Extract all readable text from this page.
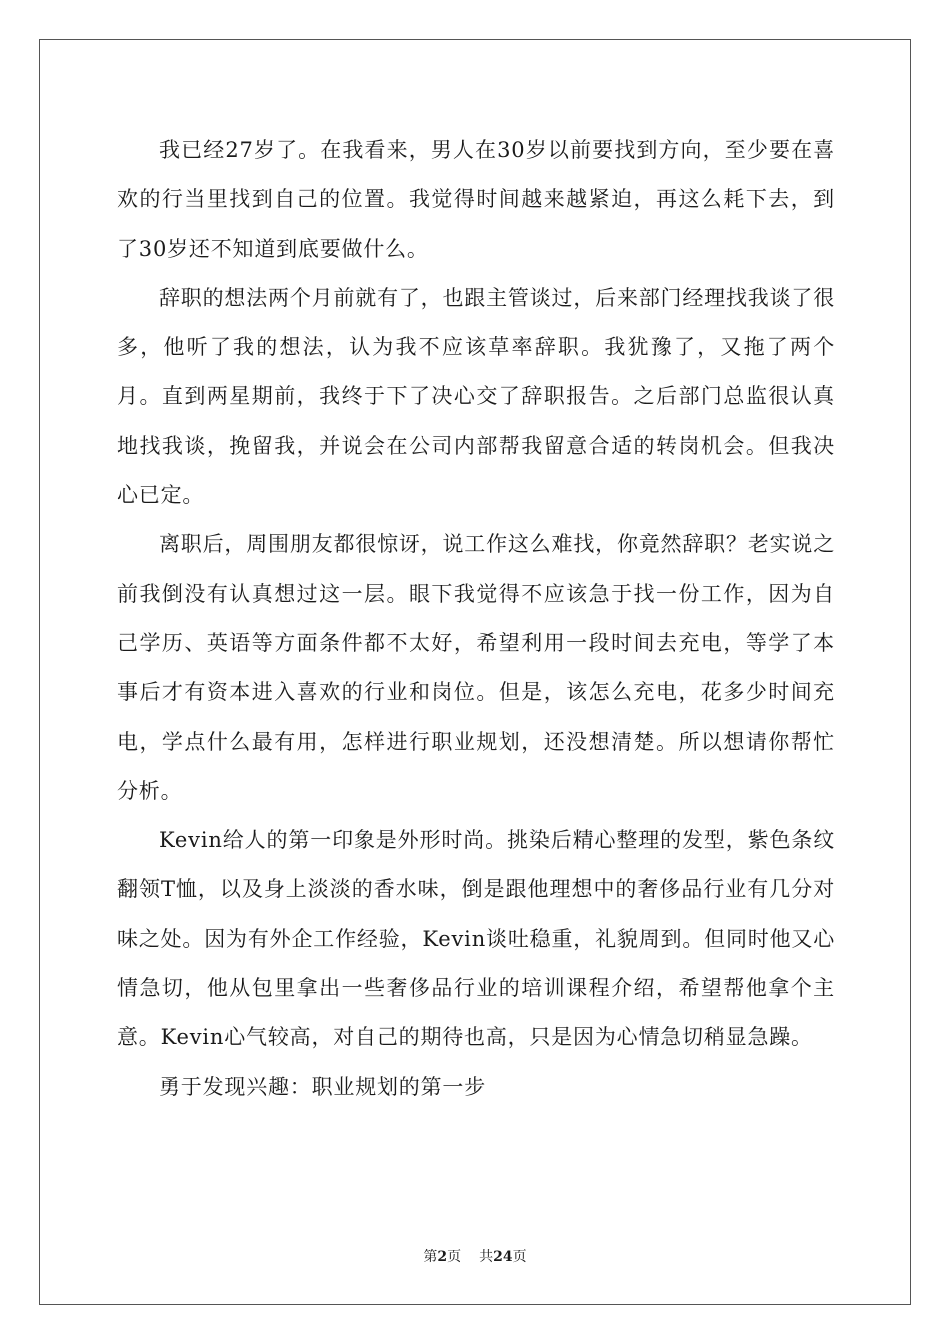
我已经27岁了。在我看来，男人在30岁以前要找到方向，至少要在喜欢的行当里找到自己的位置。我觉得时间越来越紧迫，再这么耗下去，到了30岁还不知道到底要做什么。

辞职的想法两个月前就有了，也跟主管谈过，后来部门经理找我谈了很多，他听了我的想法，认为我不应该草率辞职。我犹豫了，又拖了两个月。直到两星期前，我终于下了决心交了辞职报告。之后部门总监很认真地找我谈，挽留我，并说会在公司内部帮我留意合适的转岗机会。但我决心已定。

离职后，周围朋友都很惊讶，说工作这么难找，你竟然辞职？老实说之前我倒没有认真想过这一层。眼下我觉得不应该急于找一份工作，因为自己学历、英语等方面条件都不太好，希望利用一段时间去充电，等学了本事后才有资本进入喜欢的行业和岗位。但是，该怎么充电，花多少时间充电，学点什么最有用，怎样进行职业规划，还没想清楚。所以想请你帮忙分析。

Kevin给人的第一印象是外形时尚。挑染后精心整理的发型，紫色条纹翻领T恤，以及身上淡淡的香水味，倒是跟他理想中的奢侈品行业有几分对味之处。因为有外企工作经验，Kevin谈吐稳重，礼貌周到。但同时他又心情急切，他从包里拿出一些奢侈品行业的培训课程介绍，希望帮他拿个主意。Kevin心气较高，对自己的期待也高，只是因为心情急切稍显急躁。

勇于发现兴趣：职业规划的第一步

第2页 共24页
